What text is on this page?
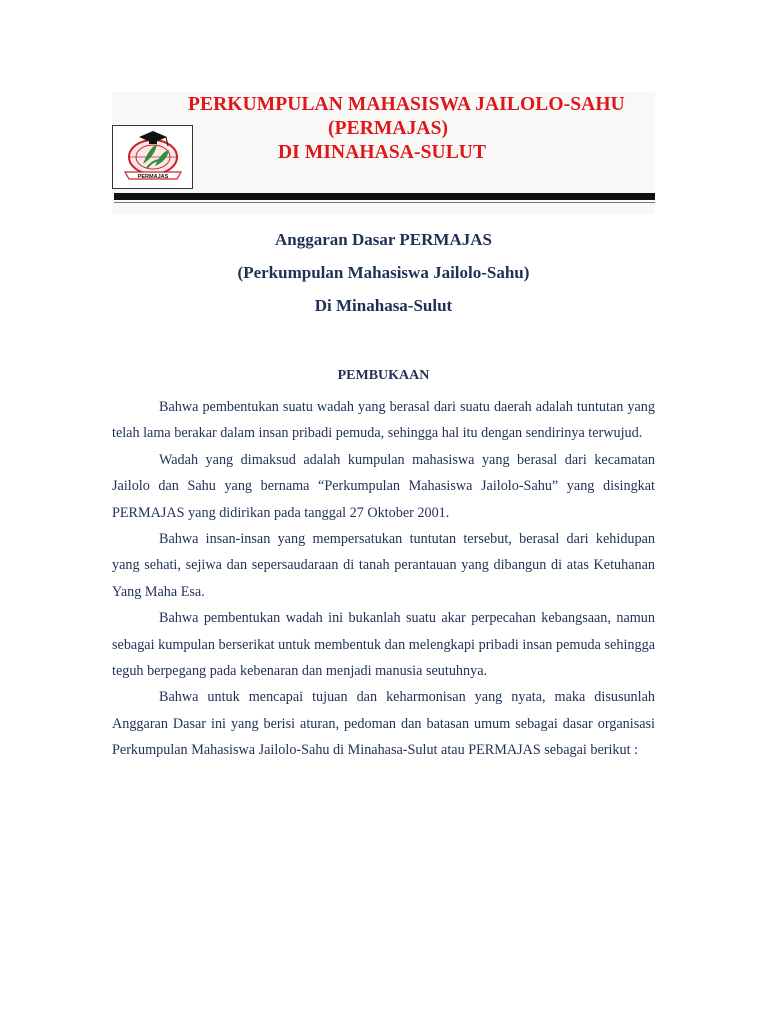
PERMAJAS
PERKUMPULAN MAHASISWA JAILOLO-SAHU
(PERMAJAS)
DI MINAHASA-SULUT
Anggaran Dasar PERMAJAS
(Perkumpulan Mahasiswa Jailolo-Sahu)
Di Minahasa-Sulut
PEMBUKAAN

Bahwa pembentukan suatu wadah yang berasal dari suatu daerah adalah tuntutan yang telah lama berakar dalam insan pribadi pemuda, sehingga hal itu dengan sendirinya terwujud.

Wadah yang dimaksud adalah kumpulan mahasiswa yang berasal dari kecamatan Jailolo dan Sahu yang bernama “Perkumpulan Mahasiswa Jailolo-Sahu” yang disingkat PERMAJAS yang didirikan pada tanggal 27 Oktober 2001.

Bahwa insan-insan yang mempersatukan tuntutan tersebut, berasal dari kehidupan yang sehati, sejiwa dan sepersaudaraan di tanah perantauan yang dibangun di atas Ketuhanan Yang Maha Esa.

Bahwa pembentukan wadah ini bukanlah suatu akar perpecahan kebangsaan, namun sebagai kumpulan berserikat untuk membentuk dan melengkapi pribadi insan pemuda sehingga teguh berpegang pada kebenaran dan menjadi manusia seutuhnya.

Bahwa untuk mencapai tujuan dan keharmonisan yang nyata, maka disusunlah Anggaran Dasar ini yang berisi aturan, pedoman dan batasan umum sebagai dasar organisasi Perkumpulan Mahasiswa Jailolo-Sahu di Minahasa-Sulut atau PERMAJAS sebagai berikut :
